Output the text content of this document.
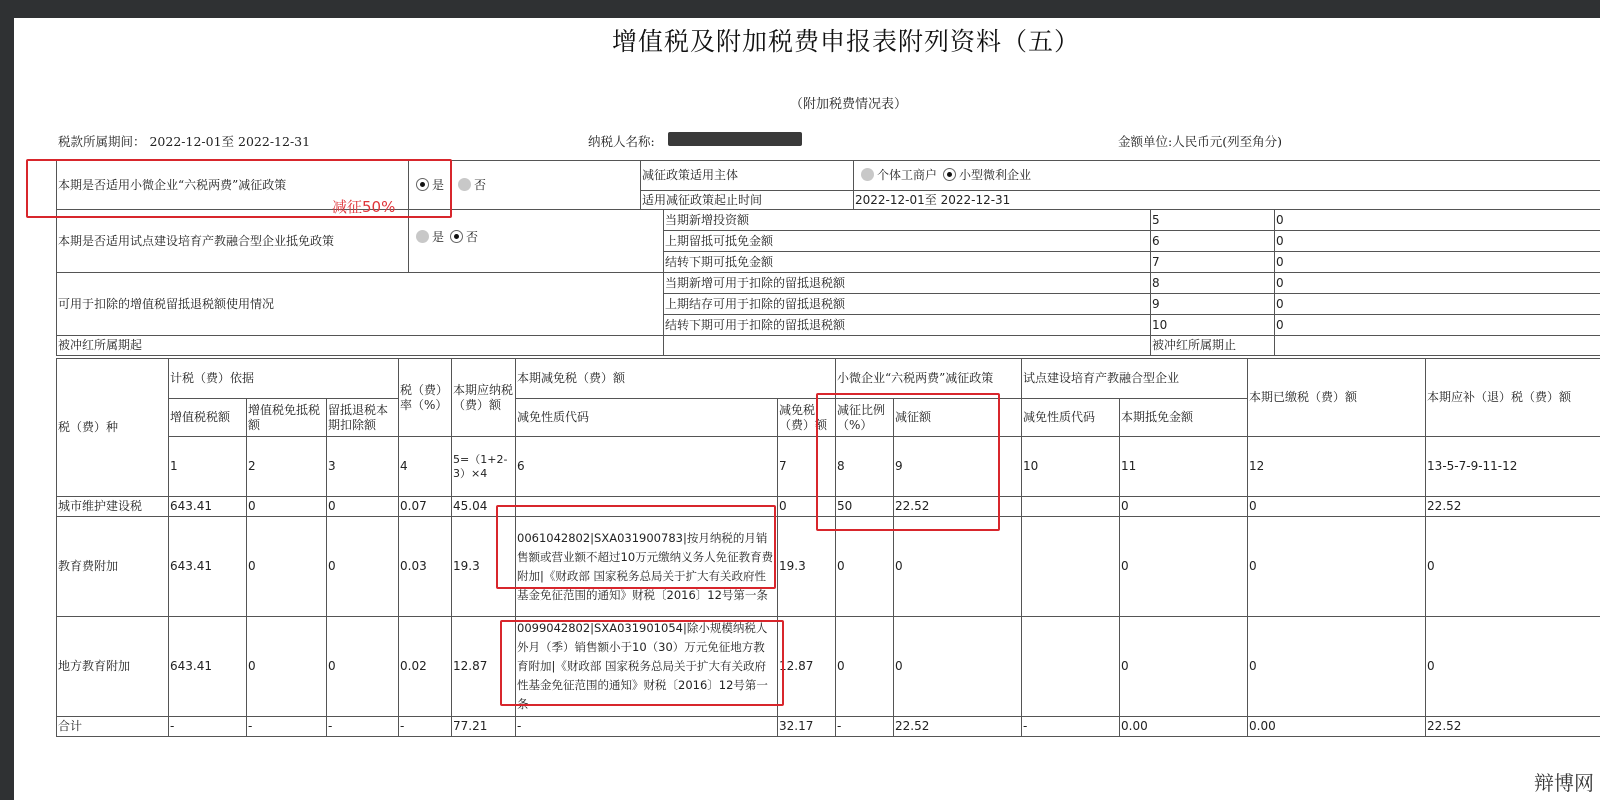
增值税及附加税费申报表附列资料（五）
（附加税费情况表）
税款所属期间： 2022-12-01至 2022-12-31	纳税人名称:	金额单位:人民币元(列至角分)
本期是否适用小微企业“六税两费”减征政策	是	否	减征政策适用主体		个体工商户 小型微利企业		
			适用减征政策起止时间		2022-12-01至 2022-12-31		
本期是否适用试点建设培育产教融合型企业抵免政策	是 否			当期新增投资额		5	0
				上期留抵可抵免金额		6	0
				结转下期可抵免金额		7	0
可用于扣除的增值税留抵退税额使用情况				当期新增可用于扣除的留抵退税额		8	0
				上期结存可用于扣除的留抵退税额		9	0
				结转下期可用于扣除的留抵退税额		10	0
被冲红所属期起						被冲红所属期止	
税（费）种	计税（费）依据			税（费）率（%）	本期应纳税（费）额	本期减免税（费）额		小微企业“六税两费”减征政策		试点建设培育产教融合型企业		本期已缴税（费）额	本期应补（退）税（费）额
	增值税税额	增值税免抵税额	留抵退税本期扣除额			减免性质代码	减免税（费）额	减征比例（%）	减征额	减免性质代码	本期抵免金额		
	1	2	3	4	5=（1+2-3）×4	6	7	8	9	10	11	12	13-5-7-9-11-12
城市维护建设税	643.41	0	0	0.07	45.04		0	50	22.52		0	0	22.52
教育费附加	643.41	0	0	0.03	19.3	0061042802|SXA031900783|按月纳税的月销售额或营业额不超过10万元缴纳义务人免征教育费附加|《财政部 国家税务总局关于扩大有关政府性基金免征范围的通知》财税〔2016〕12号第一条	19.3	0	0		0	0	0
地方教育附加	643.41	0	0	0.02	12.87	0099042802|SXA031901054|除小规模纳税人外月（季）销售额小于10（30）万元免征地方教育附加|《财政部 国家税务总局关于扩大有关政府性基金免征范围的通知》财税〔2016〕12号第一条	12.87	0	0		0	0	0
合计	-	-	-	-	77.21	-	32.17	-	22.52	-	0.00	0.00	22.52
减征50%
辩博网
